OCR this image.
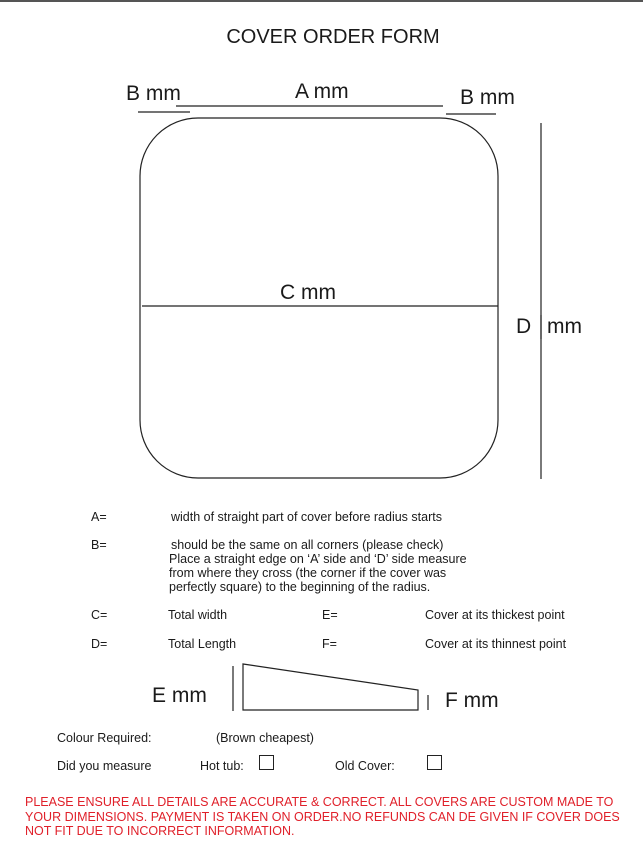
COVER ORDER FORM
B mm	A mm	B mm
C mm
D mm
E mm	F mm
A=	width of straight part of cover before radius starts
B=	should be the same on all corners (please check)
Place a straight edge on ‘A’ side and ‘D’ side measure
from where they cross (the corner if the cover was
perfectly square) to the beginning of the radius.
C=	Total width	E=	Cover at its thickest point
D=	Total Length	F=	Cover at its thinnest point
Colour Required:	(Brown cheapest)
Did you measure	Hot tub:	Old Cover:
PLEASE ENSURE ALL DETAILS ARE ACCURATE & CORRECT. ALL COVERS ARE CUSTOM MADE TO YOUR DIMENSIONS. PAYMENT IS TAKEN ON ORDER.NO REFUNDS CAN DE GIVEN IF COVER DOES NOT FIT DUE TO INCORRECT INFORMATION.
